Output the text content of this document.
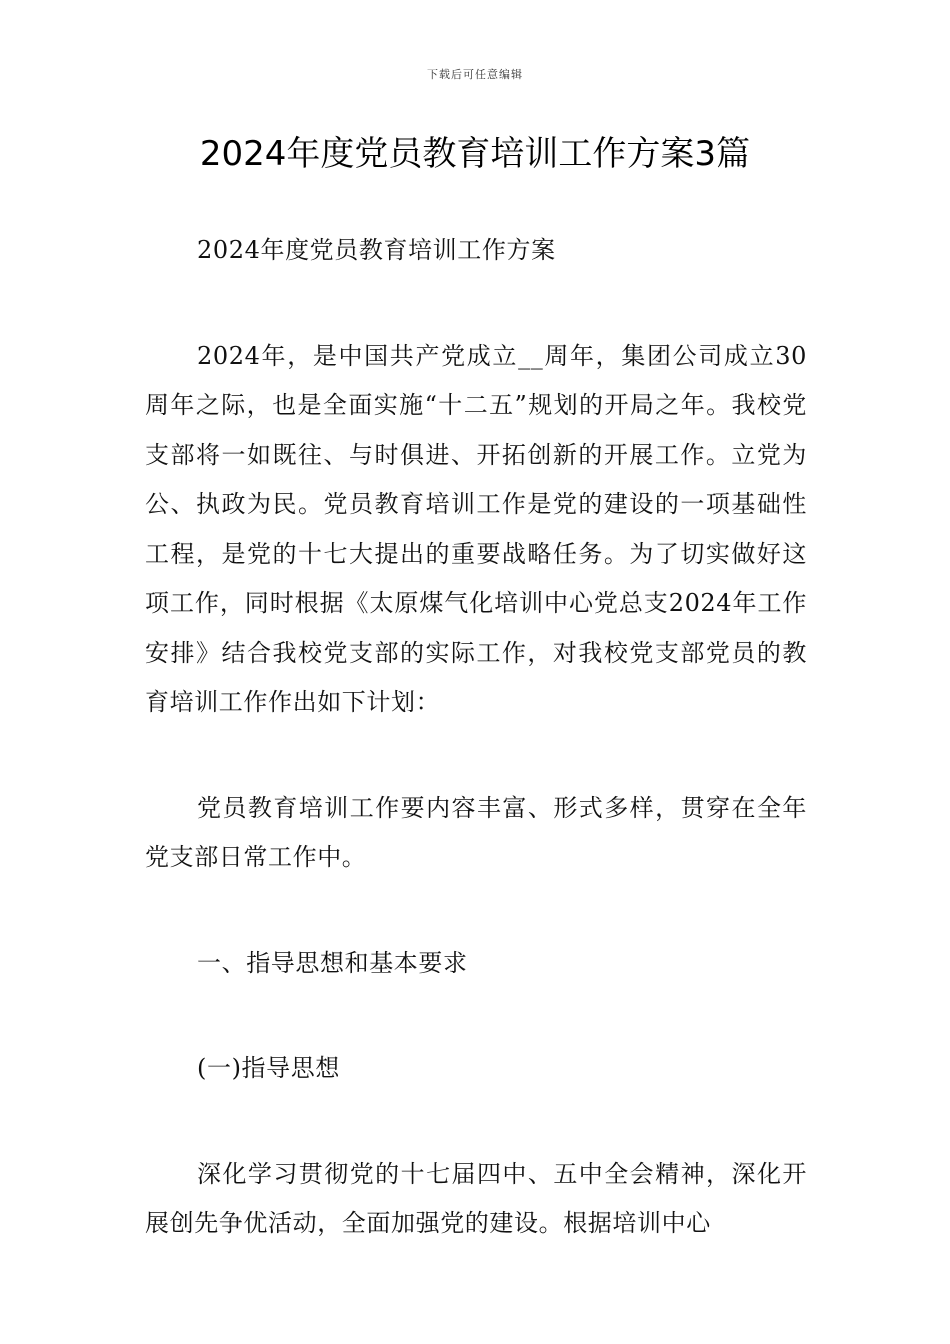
下载后可任意编辑
2024年度党员教育培训工作方案3篇

2024年度党员教育培训工作方案

2024年，是中国共产党成立__周年，集团公司成立30周年之际，也是全面实施“十二五”规划的开局之年。我校党支部将一如既往、与时俱进、开拓创新的开展工作。立党为公、执政为民。党员教育培训工作是党的建设的一项基础性工程，是党的十七大提出的重要战略任务。为了切实做好这项工作，同时根据《太原煤气化培训中心党总支2024年工作安排》结合我校党支部的实际工作，对我校党支部党员的教育培训工作作出如下计划：

党员教育培训工作要内容丰富、形式多样，贯穿在全年党支部日常工作中。

一、指导思想和基本要求

(一)指导思想

深化学习贯彻党的十七届四中、五中全会精神，深化开展创先争优活动，全面加强党的建设。根据培训中心
